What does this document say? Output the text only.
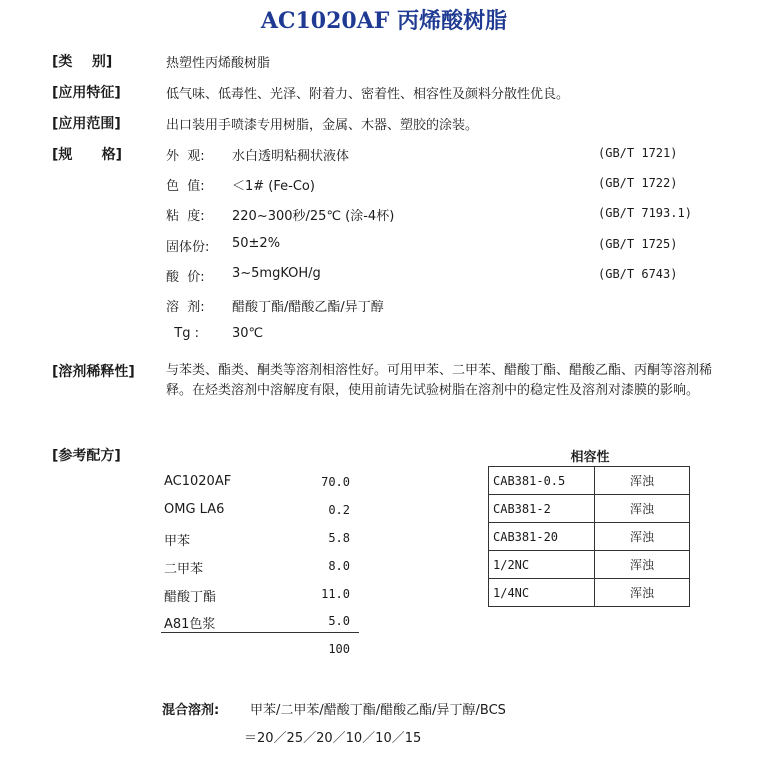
AC1020AF 丙烯酸树脂
[类    别]	热塑性丙烯酸树脂
[应用特征]	低气味、低毒性、光泽、附着力、密着性、相容性及颜料分散性优良。
[应用范围]	出口装用手喷漆专用树脂，金属、木器、塑胶的涂装。
[规      格]	外  观: 水白透明粘稠状液体	(GB/T 1721)
色  值: ＜1# (Fe-Co)	(GB/T 1722)
粘  度: 220~300秒/25℃ (涂-4杯)	(GB/T 7193.1)
固体份: 50±2%	(GB/T 1725)
酸  价: 3~5mgKOH/g	(GB/T 6743)
溶  剂: 醋酸丁酯/醋酸乙酯/异丁醇
Tg :	30℃
[溶剂稀释性] 与苯类、酯类、酮类等溶剂相溶性好。可用甲苯、二甲苯、醋酸丁酯、醋酸乙酯、丙酮等溶剂稀释。在烃类溶剂中溶解度有限，使用前请先试验树脂在溶剂中的稳定性及溶剂对漆膜的影响。
[参考配方]
AC1020AF	70.0
OMG LA6	0.2
甲苯	5.8
二甲苯	8.0
醋酸丁酯	11.0
A81色浆	5.0
100
相容性
CAB381-0.5	浑浊
CAB381-2	浑浊
CAB381-20	浑浊
1/2NC	浑浊
1/4NC	浑浊
混合溶剂: 甲苯/二甲苯/醋酸丁酯/醋酸乙酯/异丁醇/BCS
＝20／25／20／10／10／15
